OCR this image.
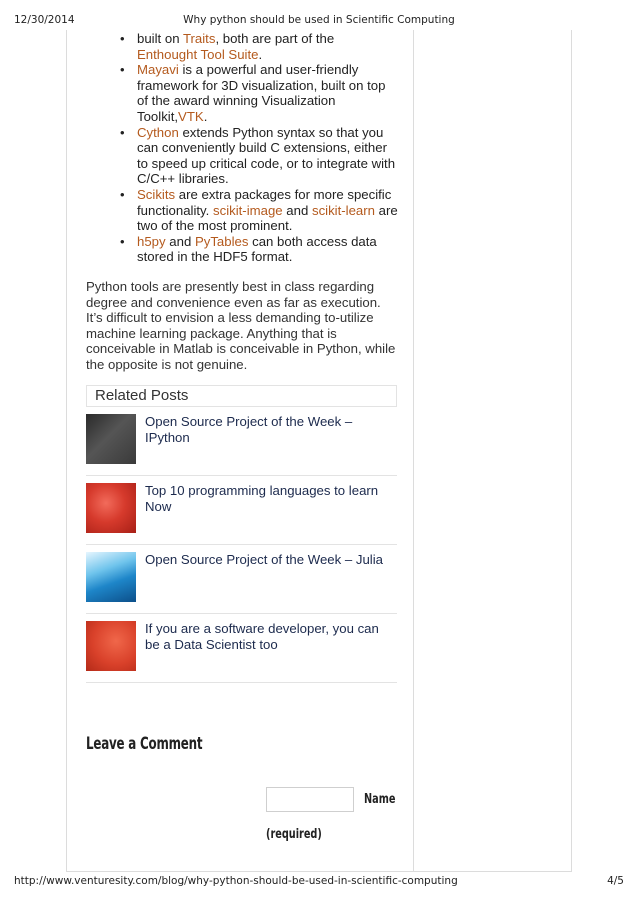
12/30/2014	Why python should be used in Scientific Computing
• built on Traits, both are part of the
Enthought Tool Suite.
• Mayavi is a powerful and user-friendly framework for 3D visualization, built on top of the award winning Visualization Toolkit,VTK.
• Cython extends Python syntax so that you can conveniently build C extensions, either to speed up critical code, or to integrate with C/C++ libraries.
• Scikits are extra packages for more specific functionality. scikit-image and scikit-learn are two of the most prominent.
• h5py and PyTables can both access data stored in the HDF5 format.

Python tools are presently best in class regarding degree and convenience even as far as execution. It’s difficult to envision a less demanding to-utilize machine learning package. Anything that is conceivable in Matlab is conceivable in Python, while the opposite is not genuine.

Related Posts
Open Source Project of the Week – IPython
Top 10 programming languages to learn Now
Open Source Project of the Week – Julia
If you are a software developer, you can be a Data Scientist too
Leave a Comment
Name
(required)
http://www.venturesity.com/blog/why-python-should-be-used-in-scientific-computing	4/5
